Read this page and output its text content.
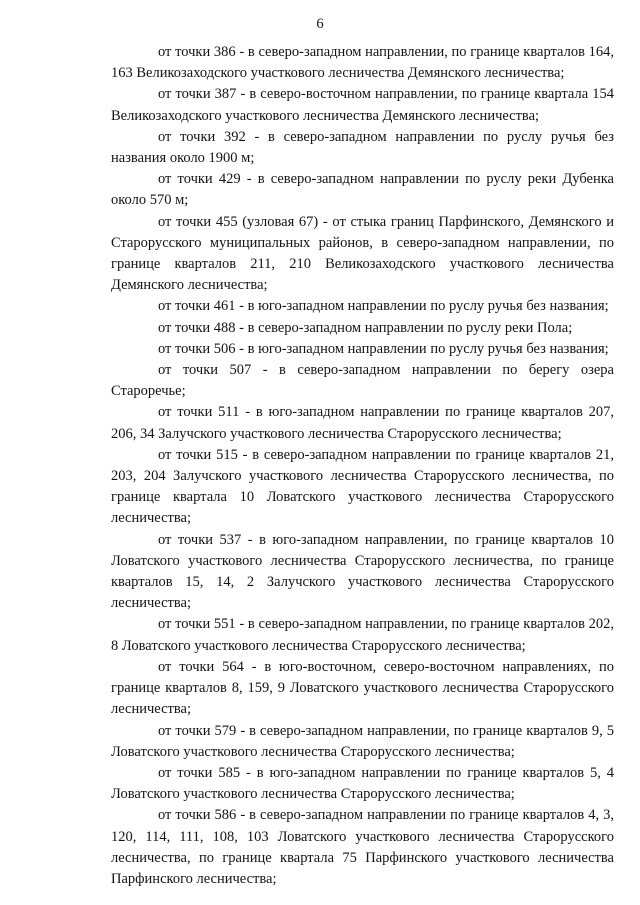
6

от точки 386 - в северо-западном направлении, по границе кварталов 164, 163 Великозаходского участкового лесничества Демянского лесничества;

от точки 387 - в северо-восточном направлении, по границе квартала 154 Великозаходского участкового лесничества Демянского лесничества;

от точки 392 - в северо-западном направлении по руслу ручья без названия около 1900 м;

от точки 429 - в северо-западном направлении по руслу реки Дубенка около 570 м;

от точки 455 (узловая 67) - от стыка границ Парфинского, Демянского и Старорусского муниципальных районов, в северо-западном направлении, по границе кварталов 211, 210 Великозаходского участкового лесничества Демянского лесничества;

от точки 461 - в юго-западном направлении по руслу ручья без названия;

от точки 488 - в северо-западном направлении по руслу реки Пола;

от точки 506 - в юго-западном направлении по руслу ручья без названия;

от точки 507 - в северо-западном направлении по берегу озера Староречье;

от точки 511 - в юго-западном направлении по границе кварталов 207, 206, 34 Залучского участкового лесничества Старорусского лесничества;

от точки 515 - в северо-западном направлении по границе кварталов 21, 203, 204 Залучского участкового лесничества Старорусского лесничества, по границе квартала 10 Ловатского участкового лесничества Старорусского лесничества;

от точки 537 - в юго-западном направлении, по границе кварталов 10 Ловатского участкового лесничества Старорусского лесничества, по границе кварталов 15, 14, 2 Залучского участкового лесничества Старорусского лесничества;

от точки 551 - в северо-западном направлении, по границе кварталов 202, 8 Ловатского участкового лесничества Старорусского лесничества;

от точки 564 - в юго-восточном, северо-восточном направлениях, по границе кварталов 8, 159, 9 Ловатского участкового лесничества Старорусского лесничества;

от точки 579 - в северо-западном направлении, по границе кварталов 9, 5 Ловатского участкового лесничества Старорусского лесничества;

от точки 585 - в юго-западном направлении по границе кварталов 5, 4 Ловатского участкового лесничества Старорусского лесничества;

от точки 586 - в северо-западном направлении по границе кварталов 4, 3, 120, 114, 111, 108, 103 Ловатского участкового лесничества Старорусского лесничества, по границе квартала 75 Парфинского участкового лесничества Парфинского лесничества;
